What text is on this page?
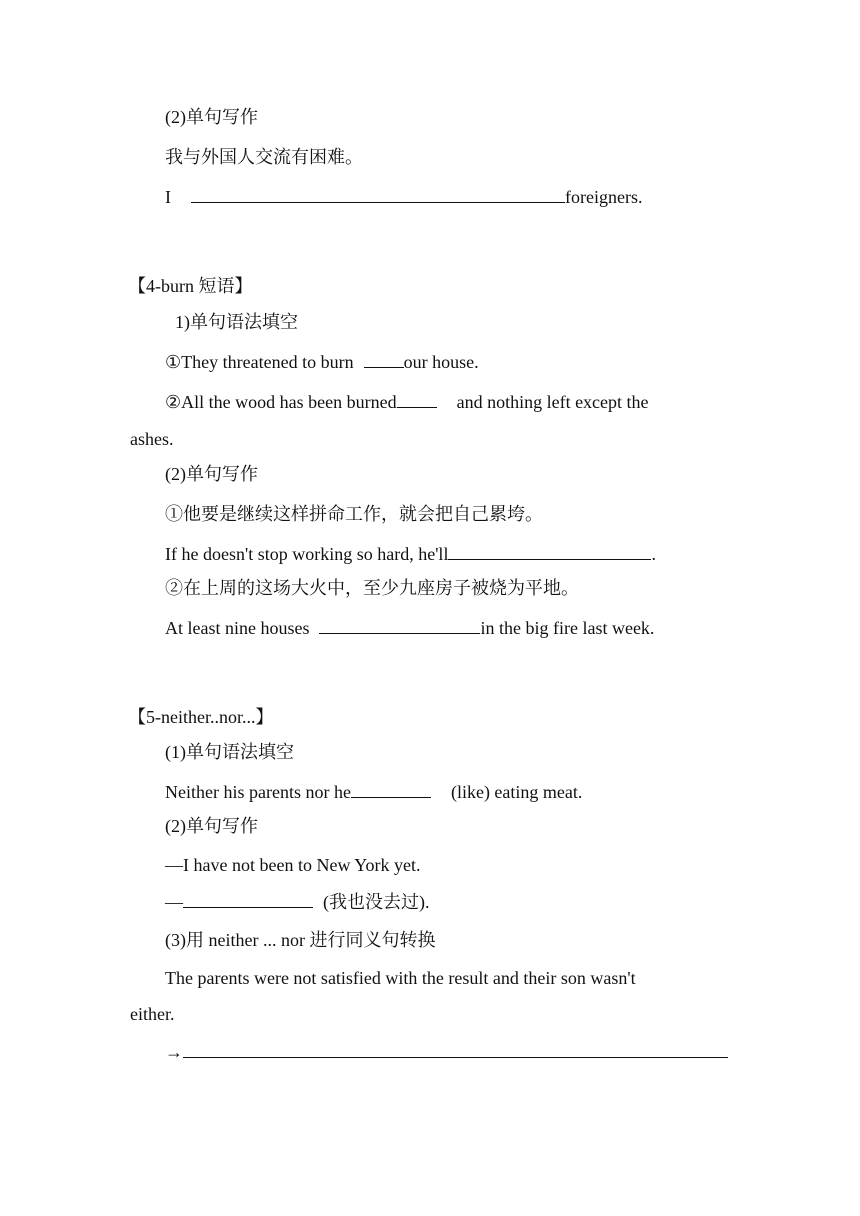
(2)单句写作
我与外国人交流有困难。
I	foreigners.
【4-burn 短语】
1)单句语法填空
①They threatened to burn	our house.
②All the wood has been burned	and nothing left except the
ashes.
(2)单句写作
①他要是继续这样拼命工作，就会把自己累垮。
If he doesn't stop working so hard, he'll	.
②在上周的这场大火中，至少九座房子被烧为平地。
At least nine houses	in the big fire last week.
【5-neither..nor...】
(1)单句语法填空
Neither his parents nor he	(like) eating meat.
(2)单句写作
—I have not been to New York yet.
—	(我也没去过).
(3)用 neither ... nor 进行同义句转换
The parents were not satisfied with the result and their son wasn't
either.
→
